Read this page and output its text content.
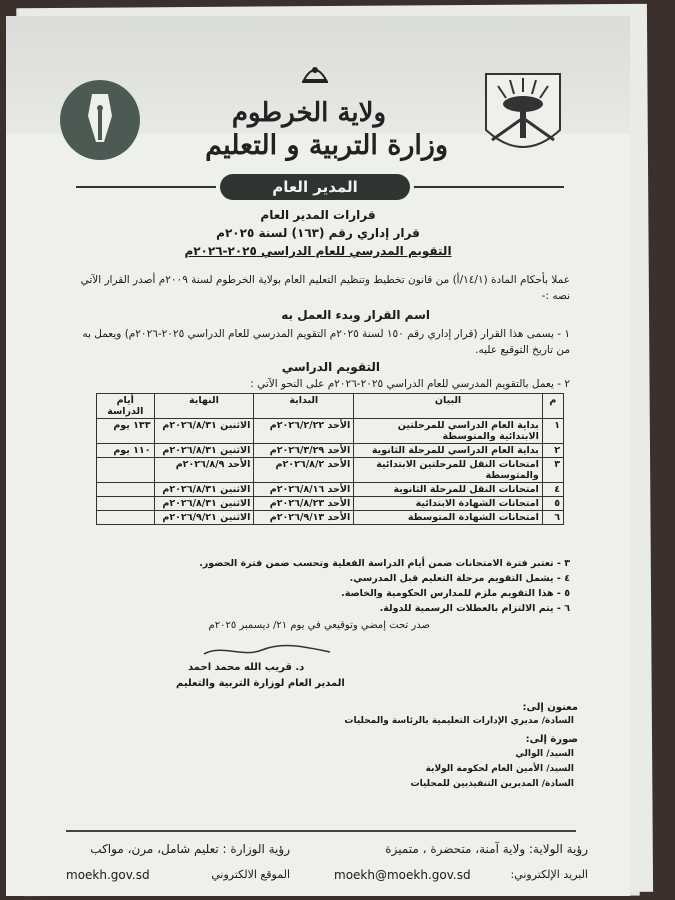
ولاية الخرطوم
وزارة التربية و التعليم
المدير العام
قرارات المدير العام
قرار إداري رقم (١٦٣) لسنة ٢٠٢٥م
التقويم المدرسي للعام الدراسي ٢٠٢٥-٢٠٢٦م
عملا بأحكام المادة (١٤/١/أ) من قانون تخطيط وتنظيم التعليم العام بولاية الخرطوم لسنة ٢٠٠٩م أصدر القرار الآتي نصه :-
اسم القرار وبدء العمل به
١ - يسمى هذا القرار (قرار إداري رقم ١٥٠ لسنة ٢٠٢٥م التقويم المدرسي للعام الدراسي ٢٠٢٥-٢٠٢٦م) ويعمل به من تاريخ التوقيع عليه.
التقويم الدراسي
٢ - يعمل بالتقويم المدرسي للعام الدراسي ٢٠٢٥-٢٠٢٦م على النحو الآتي :
م	البيان	البداية	النهاية	أيام الدراسة
١	بداية العام الدراسي للمرحلتين الابتدائية والمتوسطة	الأحد ٢٠٢٦/٢/٢٢م	الاثنين ٢٠٢٦/٨/٣١م	١٣٣ يوم
٢	بداية العام الدراسي للمرحلة الثانوية	الأحد ٢٠٢٦/٣/٢٩م	الاثنين ٢٠٢٦/٨/٣١م	١١٠ يوم
٣	امتحانات النقل للمرحلتين الابتدائية والمتوسطة	الأحد ٢٠٢٦/٨/٢م	الأحد ٢٠٢٦/٨/٩م	
٤	امتحانات النقل للمرحلة الثانوية	الأحد ٢٠٢٦/٨/١٦م	الاثنين ٢٠٢٦/٨/٣١م	
٥	امتحانات الشهادة الابتدائية	الأحد ٢٠٢٦/٨/٢٣م	الاثنين ٢٠٢٦/٨/٣١م	
٦	امتحانات الشهادة المتوسطة	الأحد ٢٠٢٦/٩/١٣م	الاثنين ٢٠٢٦/٩/٢١م	
٣ - تعتبر فترة الامتحانات ضمن أيام الدراسة الفعلية وتحسب ضمن فترة الحضور.
٤ - يشمل التقويم مرحلة التعليم قبل المدرسي.
٥ - هذا التقويم ملزم للمدارس الحكومية والخاصة.
٦ - يتم الالتزام بالعطلات الرسمية للدولة.
صدر تحت إمضي وتوقيعي في يوم ٢١/ ديسمبر ٢٠٢٥م
د. قريب الله محمد احمد
المدير العام لوزارة التربية والتعليم
معنون إلى:
السادة/ مديري الإدارات التعليمية بالرئاسة والمحليات
صورة إلى:
السيد/ الوالي
السيد/ الأمين العام لحكومة الولاية
السادة/ المديرين التنفيذيين للمحليات
رؤية الولاية: ولاية آمنة، متحضرة ، متميزة
رؤية الوزارة : تعليم شامل، مرن، مواكب
البريد الإلكتروني:
moekh@moekh.gov.sd
الموقع الالكتروني
moekh.gov.sd
